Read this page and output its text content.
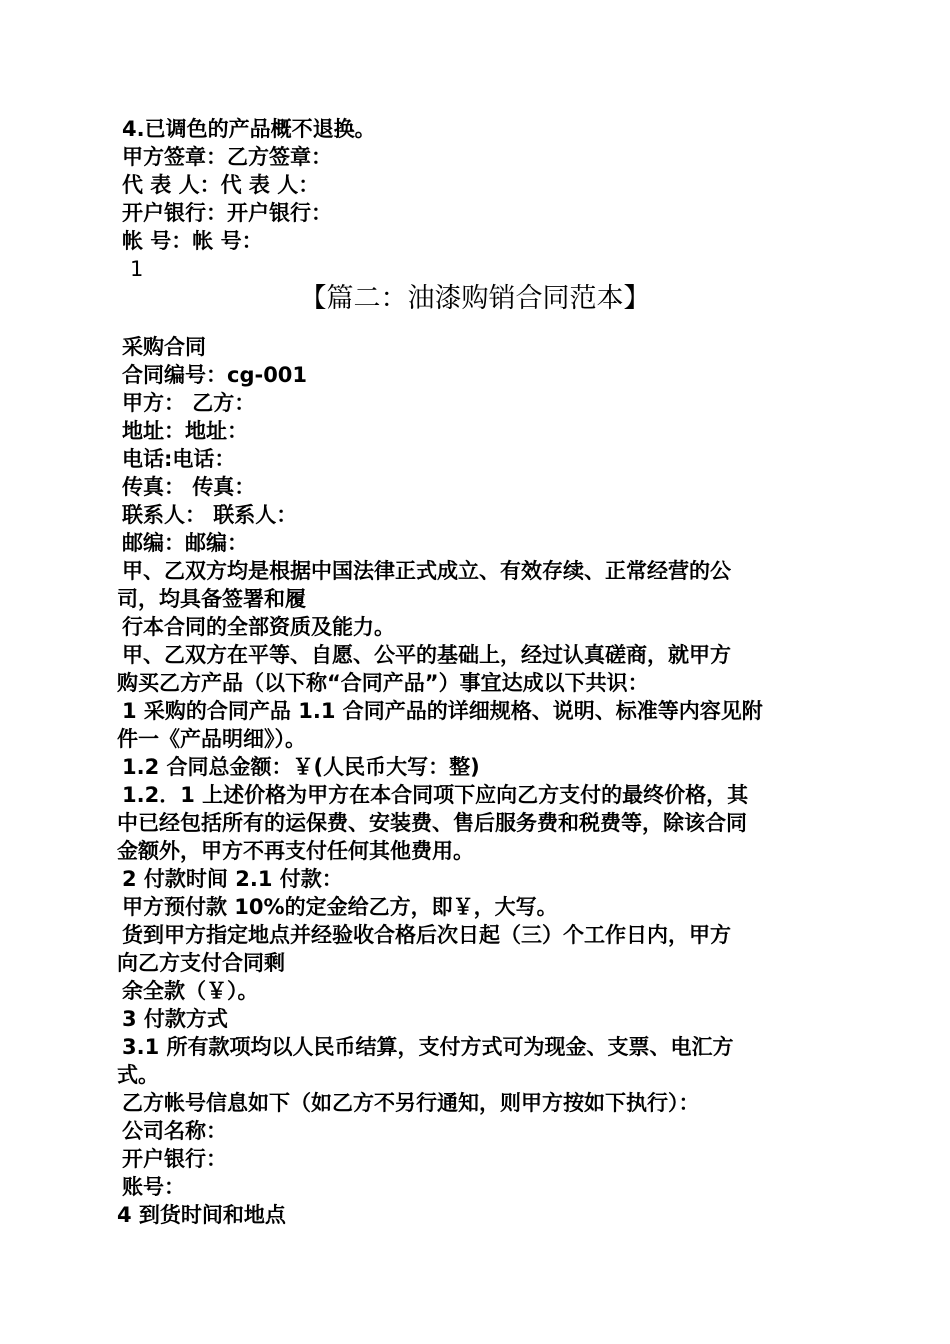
4.已调色的产品概不退换。
甲方签章：乙方签章：
代 表 人：代 表 人：
开户银行：开户银行：
帐 号：帐 号：
1
【篇二：油漆购销合同范本】
采购合同
合同编号：cg-001
甲方： 乙方：
地址：地址：
电话:电话：
传真： 传真：
联系人： 联系人：
邮编：邮编：
甲、乙双方均是根据中国法律正式成立、有效存续、正常经营的公
司，均具备签署和履
行本合同的全部资质及能力。
甲、乙双方在平等、自愿、公平的基础上，经过认真磋商，就甲方
购买乙方产品（以下称“合同产品”）事宜达成以下共识：
1 采购的合同产品 1.1 合同产品的详细规格、说明、标准等内容见附
件一《产品明细》）。
1.2 合同总金额：￥(人民币大写：整)
1.2．1 上述价格为甲方在本合同项下应向乙方支付的最终价格，其
中已经包括所有的运保费、安装费、售后服务费和税费等，除该合同
金额外，甲方不再支付任何其他费用。
2 付款时间 2.1 付款：
甲方预付款 10%的定金给乙方，即￥，大写。
货到甲方指定地点并经验收合格后次日起（三）个工作日内，甲方
向乙方支付合同剩
余全款（￥）。
3 付款方式
3.1 所有款项均以人民币结算，支付方式可为现金、支票、电汇方
式。
乙方帐号信息如下（如乙方不另行通知，则甲方按如下执行）：
公司名称：
开户银行：
账号：
4 到货时间和地点
